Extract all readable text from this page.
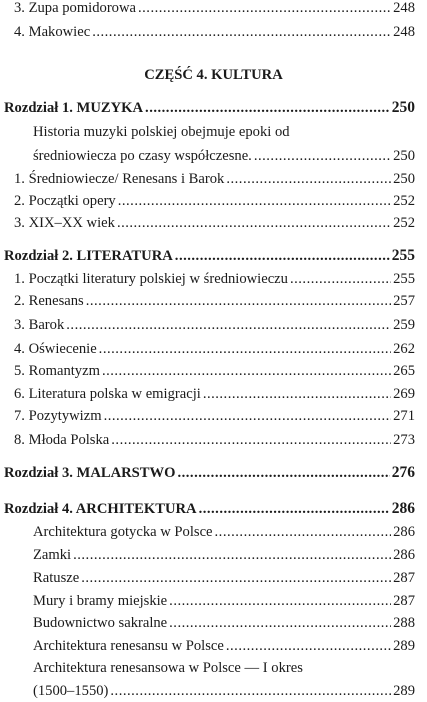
3. Zupa pomidorowa .....	248
4. Makowiec .....	248
CZĘŚĆ 4. KULTURA
Rozdział 1. MUZYKA .....	250
Historia muzyki polskiej obejmuje epoki od
średniowiecza po czasy współczesne. .....	250
1. Średniowiecze/ Renesans i Barok .....	250
2. Początki opery .....	252
3. XIX–XX wiek .....	252
Rozdział 2. LITERATURA .....	255
1. Początki literatury polskiej w średniowieczu .....	255
2. Renesans .....	257
3. Barok .....	259
4. Oświecenie .....	262
5. Romantyzm .....	265
6. Literatura polska w emigracji .....	269
7. Pozytywizm .....	271
8. Młoda Polska .....	273
Rozdział 3. MALARSTWO .....	276
Rozdział 4. ARCHITEKTURA .....	286
Architektura gotycka w Polsce .....	286
Zamki .....	286
Ratusze .....	287
Mury i bramy miejskie .....	287
Budownictwo sakralne .....	288
Architektura renesansu w Polsce .....	289
Architektura renesansowa w Polsce — I okres
(1500–1550) .....	289
